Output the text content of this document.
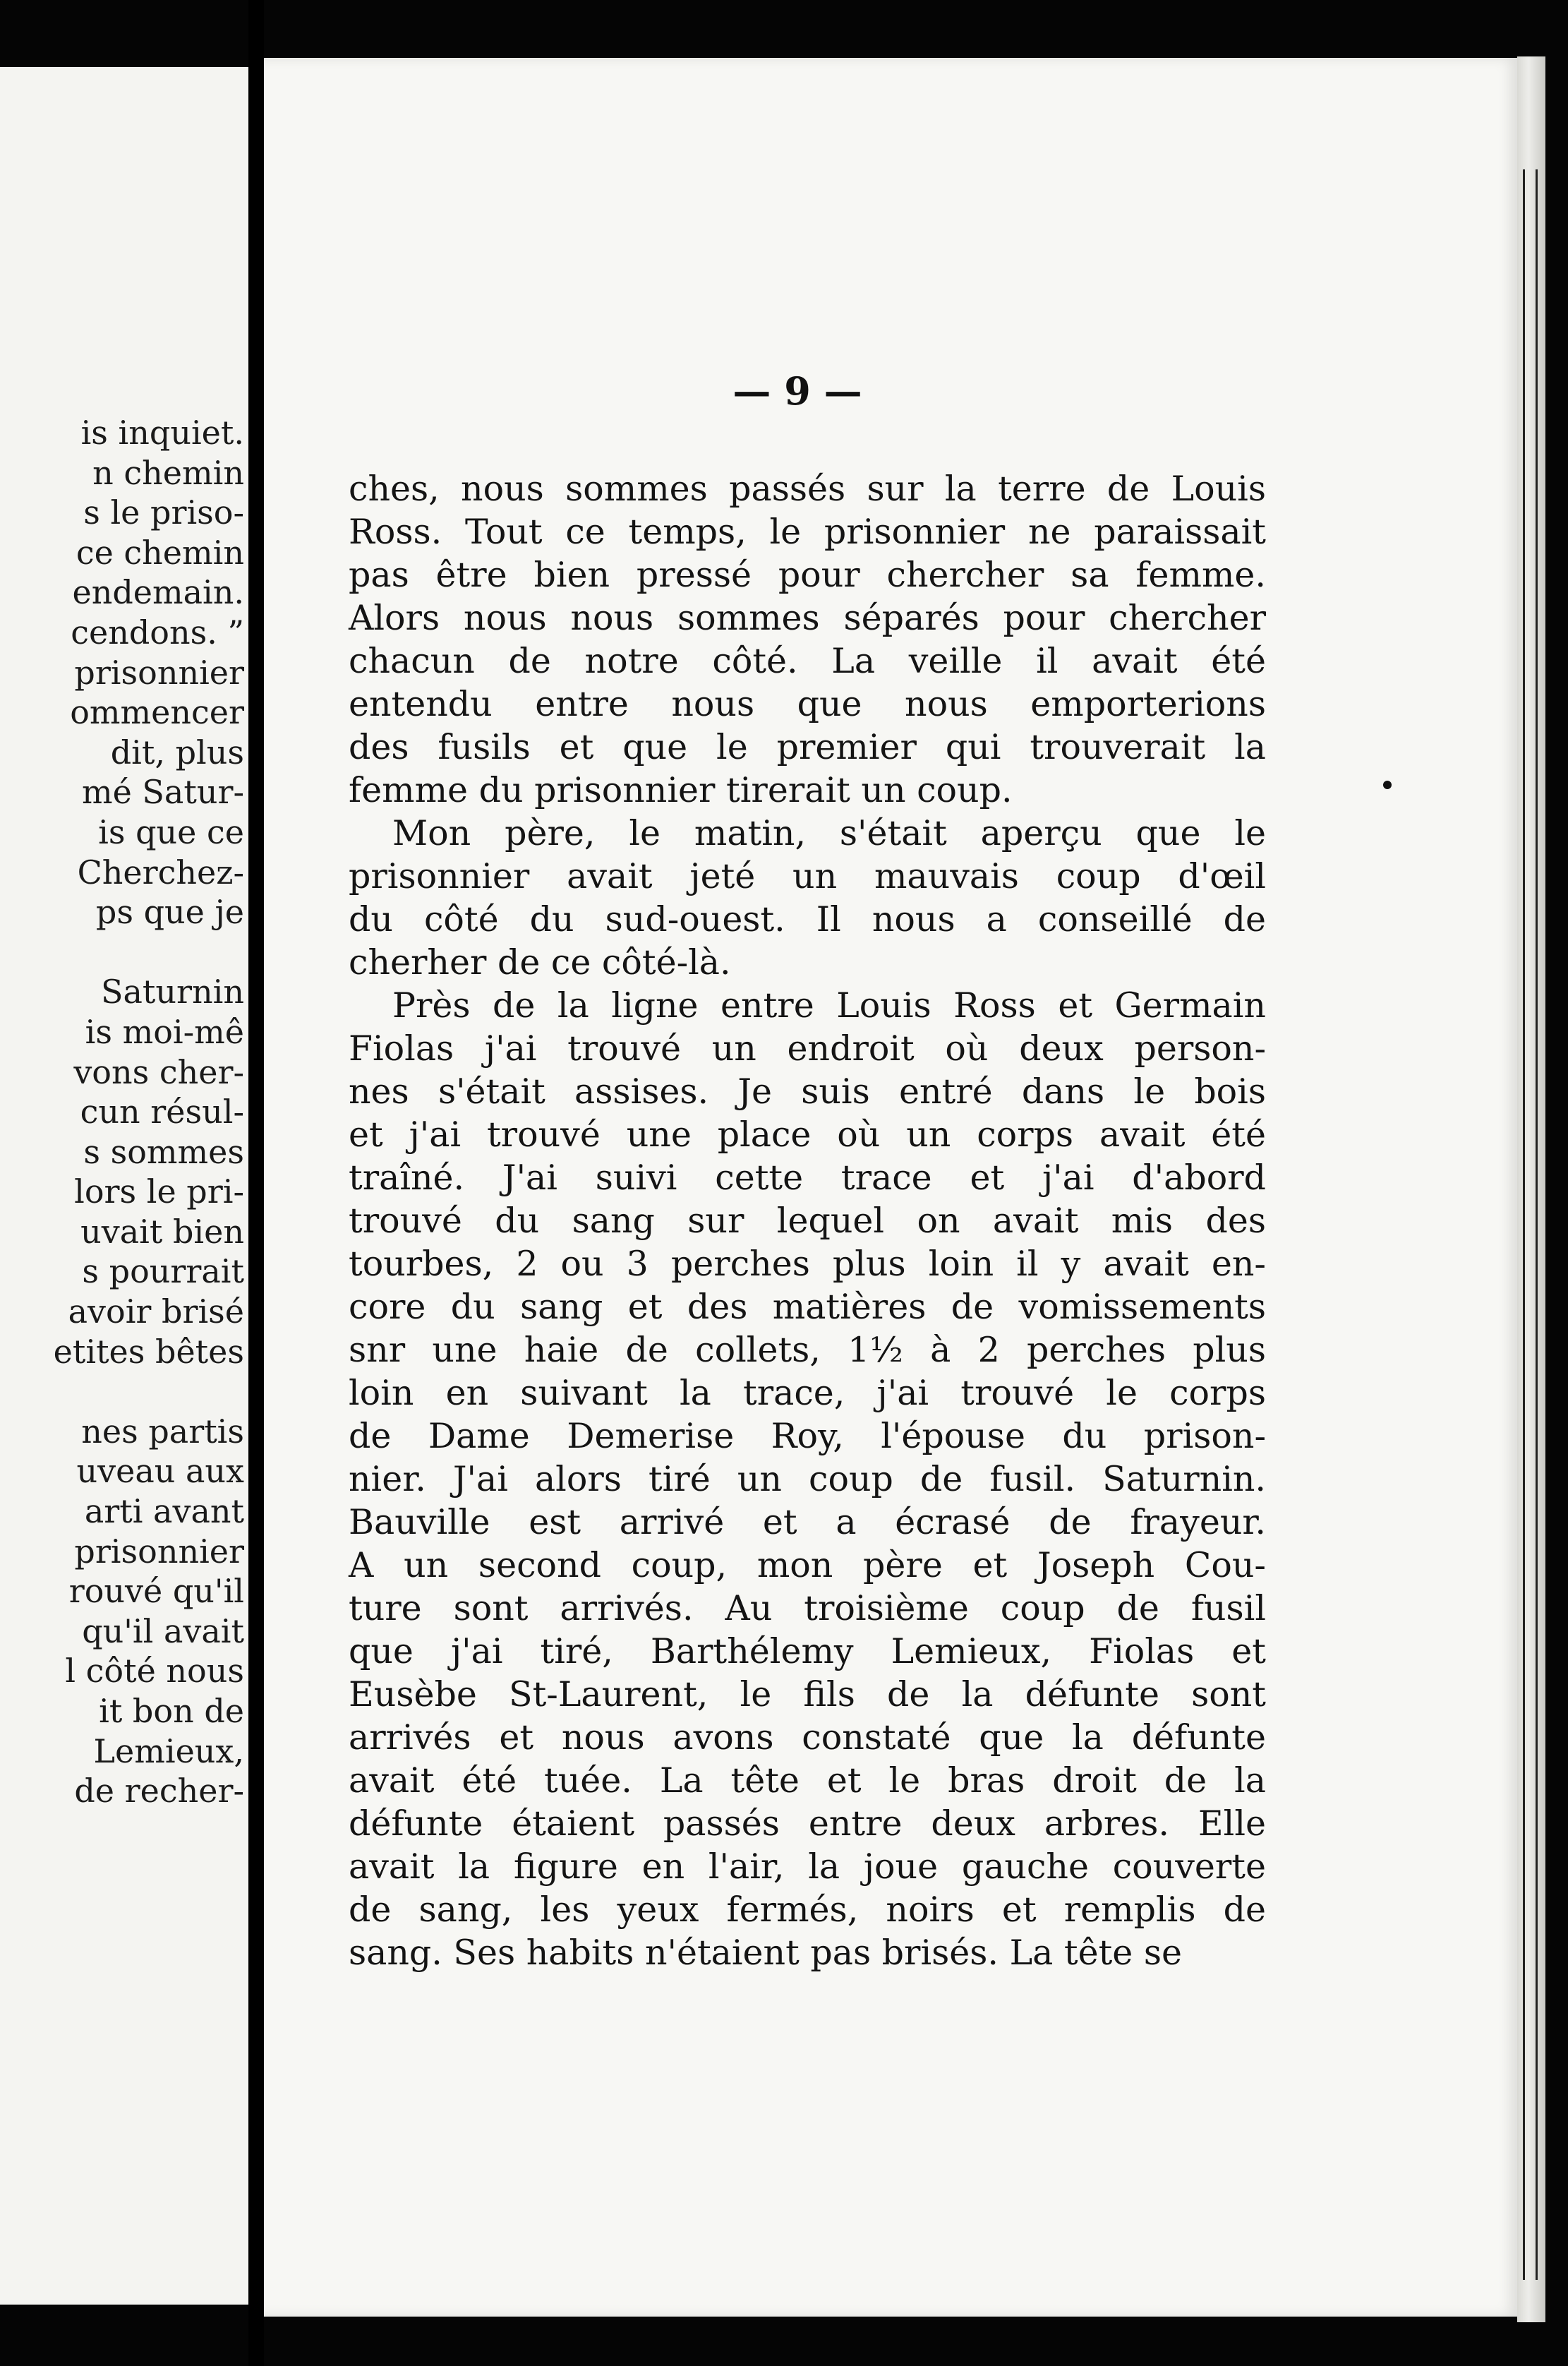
is inquiet.
n chemin
s le priso-
ce chemin
endemain.
cendons. ”
prisonnier
ommencer
dit, plus
mé Satur-
is que ce
Cherchez-
ps que je
Saturnin
is moi-mê
vons cher-
cun résul-
s sommes
lors le pri-
uvait bien
s pourrait
avoir brisé
etites bêtes
nes partis
uveau aux
arti avant
prisonnier
rouvé qu'il
qu'il avait
l côté nous
it bon de
Lemieux,
de recher-
— 9 —
ches, nous sommes passés sur la terre de Louis
Ross. Tout ce temps, le prisonnier ne paraissait
pas être bien pressé pour chercher sa femme.
Alors nous nous sommes séparés pour chercher
chacun de notre côté. La veille il avait été
entendu entre nous que nous emporterions
des fusils et que le premier qui trouverait la
femme du prisonnier tirerait un coup.
Mon père, le matin, s'était aperçu que le
prisonnier avait jeté un mauvais coup d'œil
du côté du sud-ouest. Il nous a conseillé de
cherher de ce côté-là.
Près de la ligne entre Louis Ross et Germain
Fiolas j'ai trouvé un endroit où deux person-
nes s'était assises. Je suis entré dans le bois
et j'ai trouvé une place où un corps avait été
traîné. J'ai suivi cette trace et j'ai d'abord
trouvé du sang sur lequel on avait mis des
tourbes, 2 ou 3 perches plus loin il y avait en-
core du sang et des matières de vomissements
snr une haie de collets, 1½ à 2 perches plus
loin en suivant la trace, j'ai trouvé le corps
de Dame Demerise Roy, l'épouse du prison-
nier. J'ai alors tiré un coup de fusil. Saturnin.
Bauville est arrivé et a écrasé de frayeur.
A un second coup, mon père et Joseph Cou-
ture sont arrivés. Au troisième coup de fusil
que j'ai tiré, Barthélemy Lemieux, Fiolas et
Eusèbe St-Laurent, le fils de la défunte sont
arrivés et nous avons constaté que la défunte
avait été tuée. La tête et le bras droit de la
défunte étaient passés entre deux arbres. Elle
avait la figure en l'air, la joue gauche couverte
de sang, les yeux fermés, noirs et remplis de
sang. Ses habits n'étaient pas brisés. La tête se
